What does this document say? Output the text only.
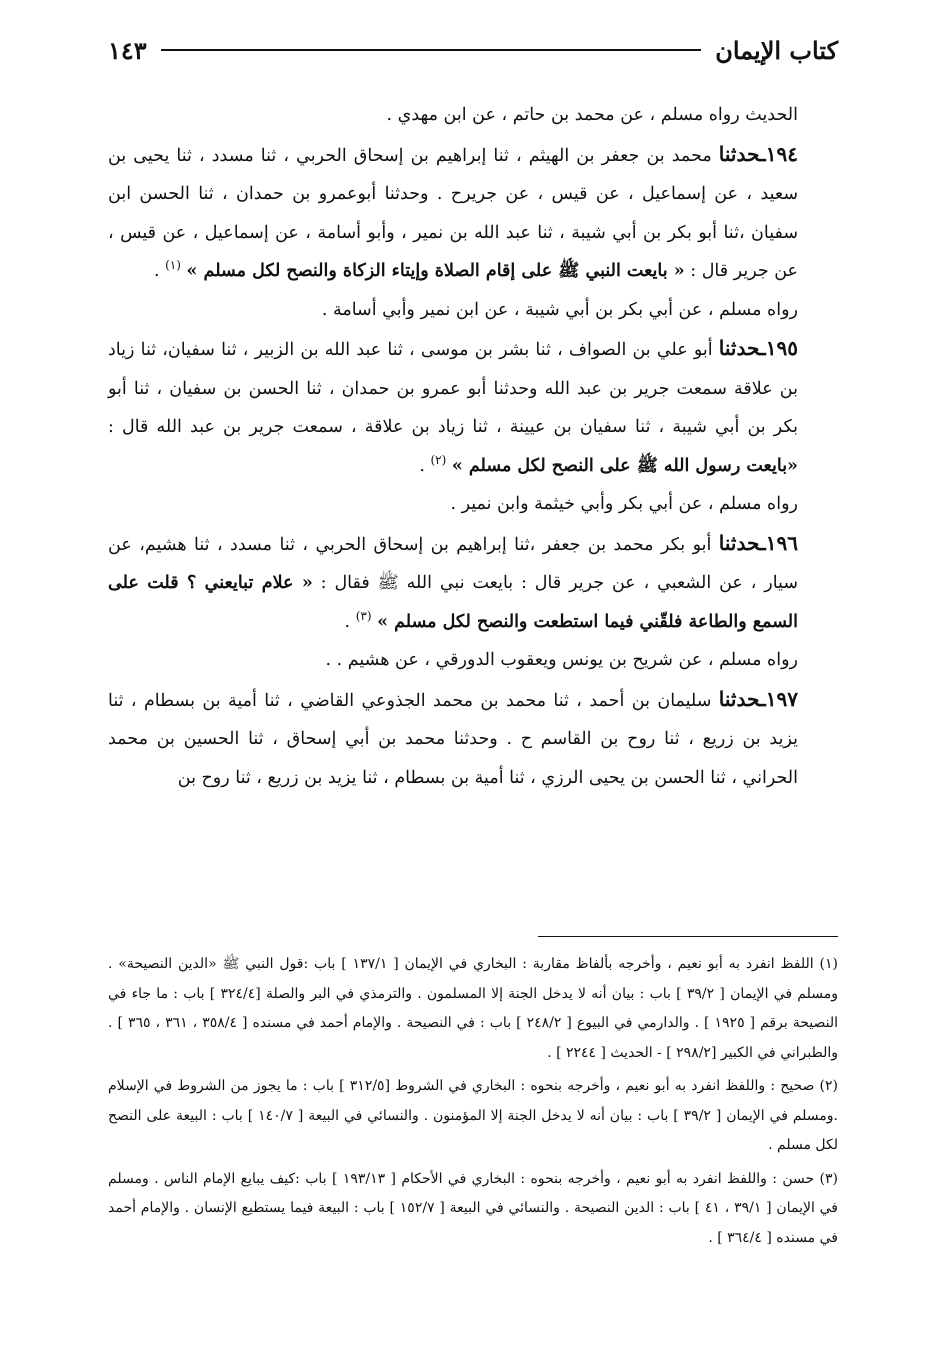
كتاب الإيمان
١٤٣

الحديث رواه مسلم ، عن محمد بن حاتم ، عن ابن مهدي .

١٩٤ـحدثنا محمد بن جعفر بن الهيثم ، ثنا إبراهيم بن إسحاق الحربي ، ثنا مسدد ، ثنا يحيى بن سعيد ، عن إسماعيل ، عن قيس ، عن جريرح . وحدثنا أبوعمرو بن حمدان ، ثنا الحسن ابن سفيان ،ثنا أبو بكر بن أبي شيبة ، ثنا عبد الله بن نمير ، وأبو أسامة ، عن إسماعيل ، عن قيس ، عن جرير قال : « بايعت النبي ﷺ على إقام الصلاة وإيتاء الزكاة والنصح لكل مسلم » $^{(١)}$ .

رواه مسلم ، عن أبي بكر بن أبي شيبة ، عن ابن نمير وأبي أسامة .

١٩٥ـحدثنا أبو علي بن الصواف ، ثنا بشر بن موسى ، ثنا عبد الله بن الزبير ، ثنا سفيان، ثنا زياد بن علاقة سمعت جرير بن عبد الله وحدثنا أبو عمرو بن حمدان ، ثنا الحسن بن سفيان ، ثنا أبو بكر بن أبي شيبة ، ثنا سفيان بن عيينة ، ثنا زياد بن علاقة ، سمعت جرير بن عبد الله قال : «بايعت رسول الله ﷺ على النصح لكل مسلم » $^{(٢)}$ .

رواه مسلم ، عن أبي بكر وأبي خيثمة وابن نمير .

١٩٦ـحدثنا أبو بكر محمد بن جعفر ،ثنا إبراهيم بن إسحاق الحربي ، ثنا مسدد ، ثنا هشيم، عن سيار ، عن الشعبي ، عن جرير قال : بايعت نبي الله ﷺ فقال : « علام تبايعني ؟ قلت على السمع والطاعة فلقّني فيما استطعت والنصح لكل مسلم » $^{(٣)}$ .

رواه مسلم ، عن شريح بن يونس ويعقوب الدورقي ، عن هشيم . .

١٩٧ـحدثنا سليمان بن أحمد ، ثنا محمد بن محمد الجذوعي القاضي ، ثنا أمية بن بسطام ، ثنا يزيد بن زريع ، ثنا روح بن القاسم ح . وحدثنا محمد بن أبي إسحاق ، ثنا الحسين بن محمد الحراني ، ثنا الحسن بن يحيى الرزي ، ثنا أمية بن بسطام ، ثنا يزيد بن زريع ، ثنا روح بن

(١) اللفظ انفرد به أبو نعيم ، وأخرجه بألفاظ مقاربة : البخاري في الإيمان [ ١٣٧/١ ] باب :قول النبي ﷺ «الدين النصيحة» . ومسلم في الإيمان [ ٣٩/٢ ] باب : بيان أنه لا يدخل الجنة إلا المسلمون . والترمذي في البر والصلة [٣٢٤/٤ ] باب : ما جاء في النصيحة برقم [ ١٩٢٥ ] . والدارمي في البيوع [ ٢٤٨/٢ ] باب : في النصيحة . والإمام أحمد في مسنده [ ٣٥٨/٤ ، ٣٦١ ، ٣٦٥ ] . والطبراني في الكبير [٢٩٨/٢ ] - الحديث [ ٢٢٤٤ ] .

(٢) صحيح : واللفظ انفرد به أبو نعيم ، وأخرجه بنحوه : البخاري في الشروط [٣١٢/٥ ] باب : ما يجوز من الشروط في الإسلام .ومسلم في الإيمان [ ٣٩/٢ ] باب : بيان أنه لا يدخل الجنة إلا المؤمنون . والنسائي في البيعة [ ١٤٠/٧ ] باب : البيعة على النصح لكل مسلم .

(٣) حسن : واللفظ انفرد به أبو نعيم ، وأخرجه بنحوه : البخاري في الأحكام [ ١٩٣/١٣ ] باب :كيف يبايع الإمام الناس . ومسلم في الإيمان [ ٣٩/١ ، ٤١ ] باب : الدين النصيحة . والنسائي في البيعة [ ١٥٢/٧ ] باب : البيعة فيما يستطيع الإنسان . والإمام أحمد في مسنده [ ٣٦٤/٤ ] .
